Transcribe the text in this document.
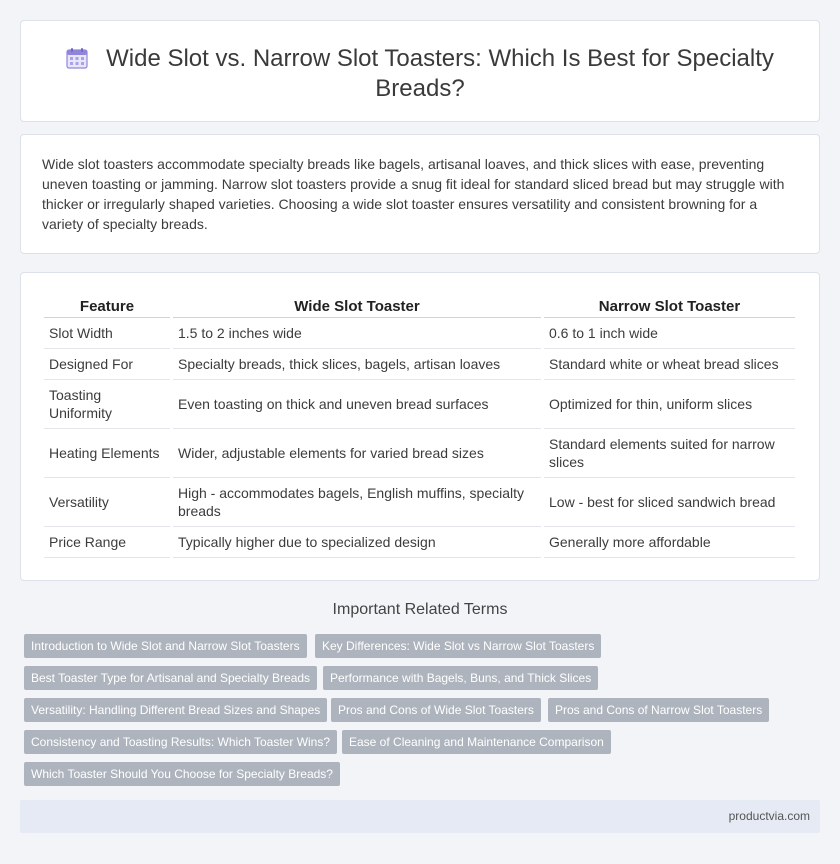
Wide Slot vs. Narrow Slot Toasters: Which Is Best for Specialty Breads?

Wide slot toasters accommodate specialty breads like bagels, artisanal loaves, and thick slices with ease, preventing uneven toasting or jamming. Narrow slot toasters provide a snug fit ideal for standard sliced bread but may struggle with thicker or irregularly shaped varieties. Choosing a wide slot toaster ensures versatility and consistent browning for a variety of specialty breads.

Feature	Wide Slot Toaster	Narrow Slot Toaster
Slot Width	1.5 to 2 inches wide	0.6 to 1 inch wide
Designed For	Specialty breads, thick slices, bagels, artisan loaves	Standard white or wheat bread slices
Toasting Uniformity	Even toasting on thick and uneven bread surfaces	Optimized for thin, uniform slices
Heating Elements	Wider, adjustable elements for varied bread sizes	Standard elements suited for narrow slices
Versatility	High - accommodates bagels, English muffins, specialty breads	Low - best for sliced sandwich bread
Price Range	Typically higher due to specialized design	Generally more affordable
Important Related Terms
Introduction to Wide Slot and Narrow Slot Toasters	Key Differences: Wide Slot vs Narrow Slot Toasters
Best Toaster Type for Artisanal and Specialty Breads	Performance with Bagels, Buns, and Thick Slices
Versatility: Handling Different Bread Sizes and Shapes	Pros and Cons of Wide Slot Toasters	Pros and Cons of Narrow Slot Toasters
Consistency and Toasting Results: Which Toaster Wins?	Ease of Cleaning and Maintenance Comparison
Which Toaster Should You Choose for Specialty Breads?
productvia.com
